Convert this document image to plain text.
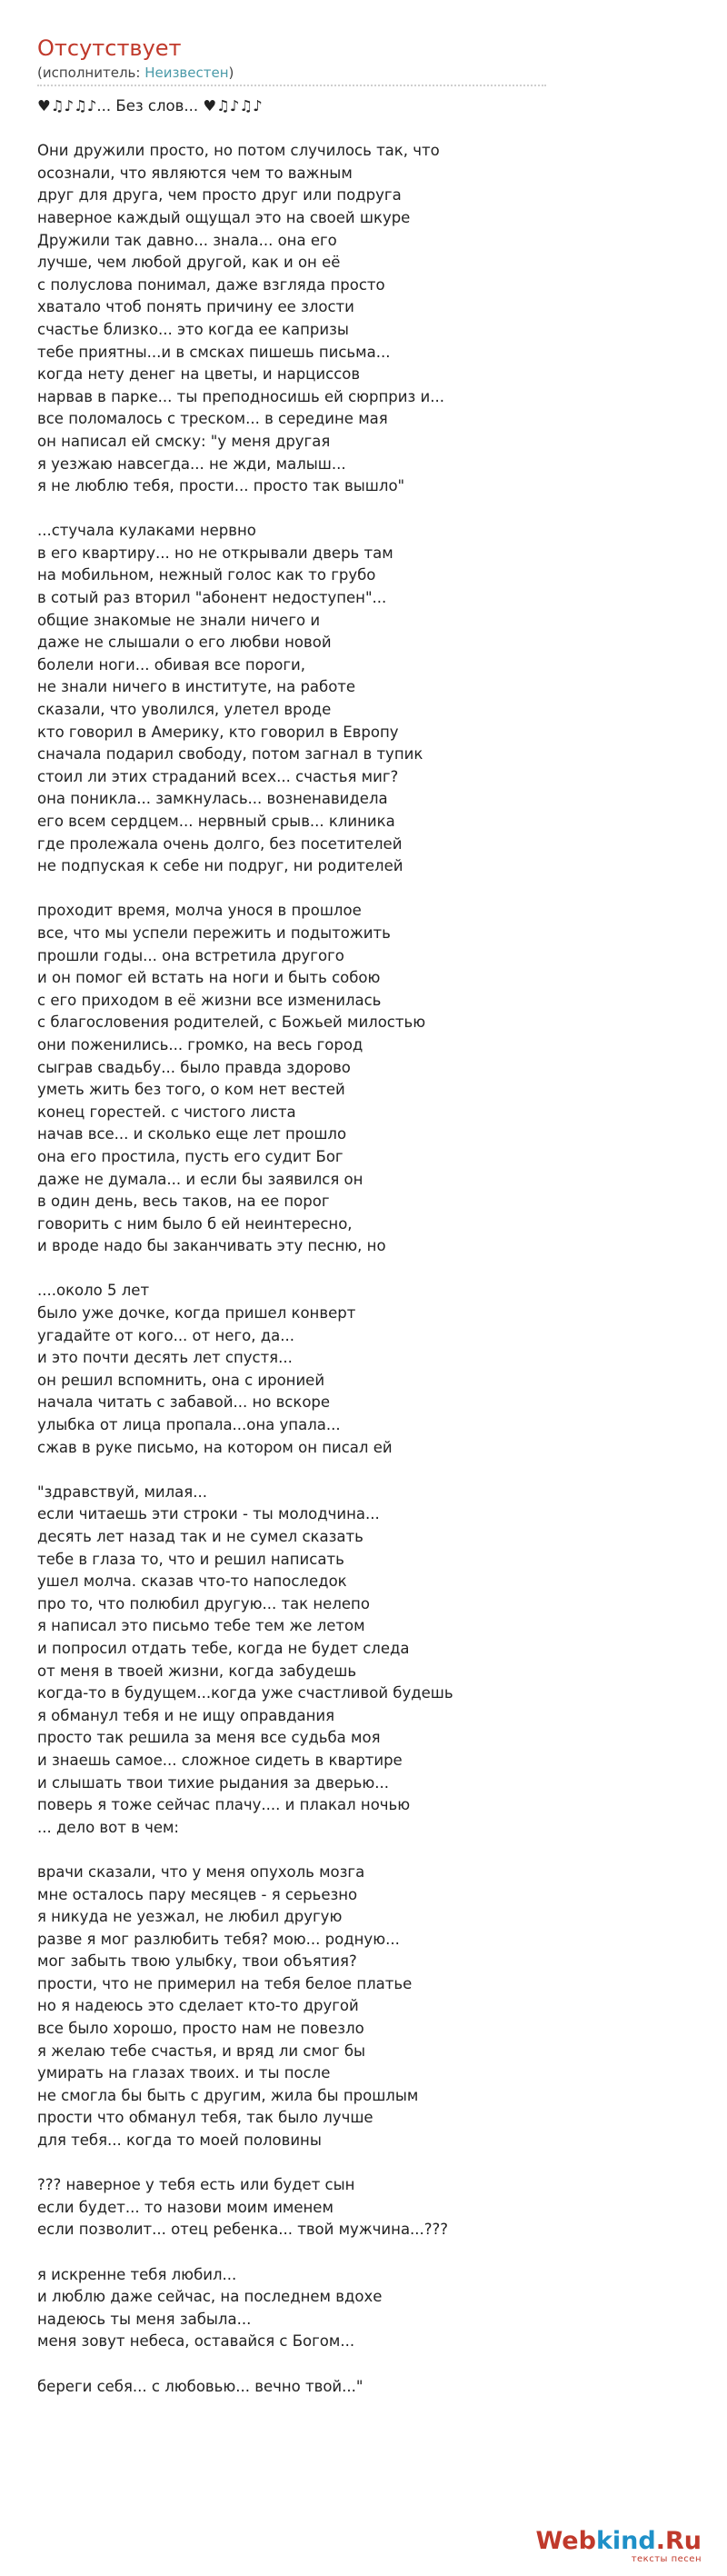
Отсутствует
(исполнитель: Неизвестен)
♥♫♪♫♪... Без слов... ♥♫♪♫♪
Они дружили просто, но потом случилось так, что
осознали, что являются чем то важным
друг для друга, чем просто друг или подруга
наверное каждый ощущал это на своей шкуре
Дружили так давно... знала... она его
лучше, чем любой другой, как и он её
с полуслова понимал, даже взгляда просто
хватало чтоб понять причину ее злости
счастье близко... это когда ее капризы
тебе приятны...и в смсках пишешь письма...
когда нету денег на цветы, и нарциссов
нарвав в парке... ты преподносишь ей сюрприз и...
все поломалось с треском... в середине мая
он написал ей смску: "у меня другая
я уезжаю навсегда... не жди, малыш...
я не люблю тебя, прости... просто так вышло"
...стучала кулаками нервно
в его квартиру... но не открывали дверь там
на мобильном, нежный голос как то грубо
в сотый раз вторил "абонент недоступен"...
общие знакомые не знали ничего и
даже не слышали о его любви новой
болели ноги... обивая все пороги,
не знали ничего в институте, на работе
сказали, что уволился, улетел вроде
кто говорил в Америку, кто говорил в Европу
сначала подарил свободу, потом загнал в тупик
стоил ли этих страданий всех... счастья миг?
она поникла... замкнулась... возненавидела
его всем сердцем... нервный срыв... клиника
где пролежала очень долго, без посетителей
не подпуская к себе ни подруг, ни родителей
проходит время, молча унося в прошлое
все, что мы успели пережить и подытожить
прошли годы... она встретила другого
и он помог ей встать на ноги и быть собою
с его приходом в её жизни все изменилась
с благословения родителей, с Божьей милостью
они поженились... громко, на весь город
сыграв свадьбу... было правда здорово
уметь жить без того, о ком нет вестей
конец горестей. с чистого листа
начав все... и сколько еще лет прошло
она его простила, пусть его судит Бог
даже не думала... и если бы заявился он
в один день, весь таков, на ее порог
говорить с ним было б ей неинтересно,
и вроде надо бы заканчивать эту песню, но
....около 5 лет
было уже дочке, когда пришел конверт
угадайте от кого... от него, да...
и это почти десять лет спустя...
он решил вспомнить, она с иронией
начала читать с забавой... но вскоре
улыбка от лица пропала...она упала...
сжав в руке письмо, на котором он писал ей
"здравствуй, милая...
если читаешь эти строки - ты молодчина...
десять лет назад так и не сумел сказать
тебе в глаза то, что и решил написать
ушел молча. сказав что-то напоследок
про то, что полюбил другую... так нелепо
я написал это письмо тебе тем же летом
и попросил отдать тебе, когда не будет следа
от меня в твоей жизни, когда забудешь
когда-то в будущем...когда уже счастливой будешь
я обманул тебя и не ищу оправдания
просто так решила за меня все судьба моя
и знаешь самое... сложное сидеть в квартире
и слышать твои тихие рыдания за дверью...
поверь я тоже сейчас плачу.... и плакал ночью
... дело вот в чем:
врачи сказали, что у меня опухоль мозга
мне осталось пару месяцев - я серьезно
я никуда не уезжал, не любил другую
разве я мог разлюбить тебя? мою... родную...
мог забыть твою улыбку, твои объятия?
прости, что не примерил на тебя белое платье
но я надеюсь это сделает кто-то другой
все было хорошо, просто нам не повезло
я желаю тебе счастья, и вряд ли смог бы
умирать на глазах твоих. и ты после
не смогла бы быть с другим, жила бы прошлым
прости что обманул тебя, так было лучше
для тебя... когда то моей половины
??? наверное у тебя есть или будет сын
если будет... то назови моим именем
если позволит... отец ребенка... твой мужчина...???
я искренне тебя любил...
и люблю даже сейчас, на последнем вдохе
надеюсь ты меня забыла...
меня зовут небеса, оставайся с Богом...
береги себя... с любовью... вечно твой..."
Webkind.Ru
тексты песен
